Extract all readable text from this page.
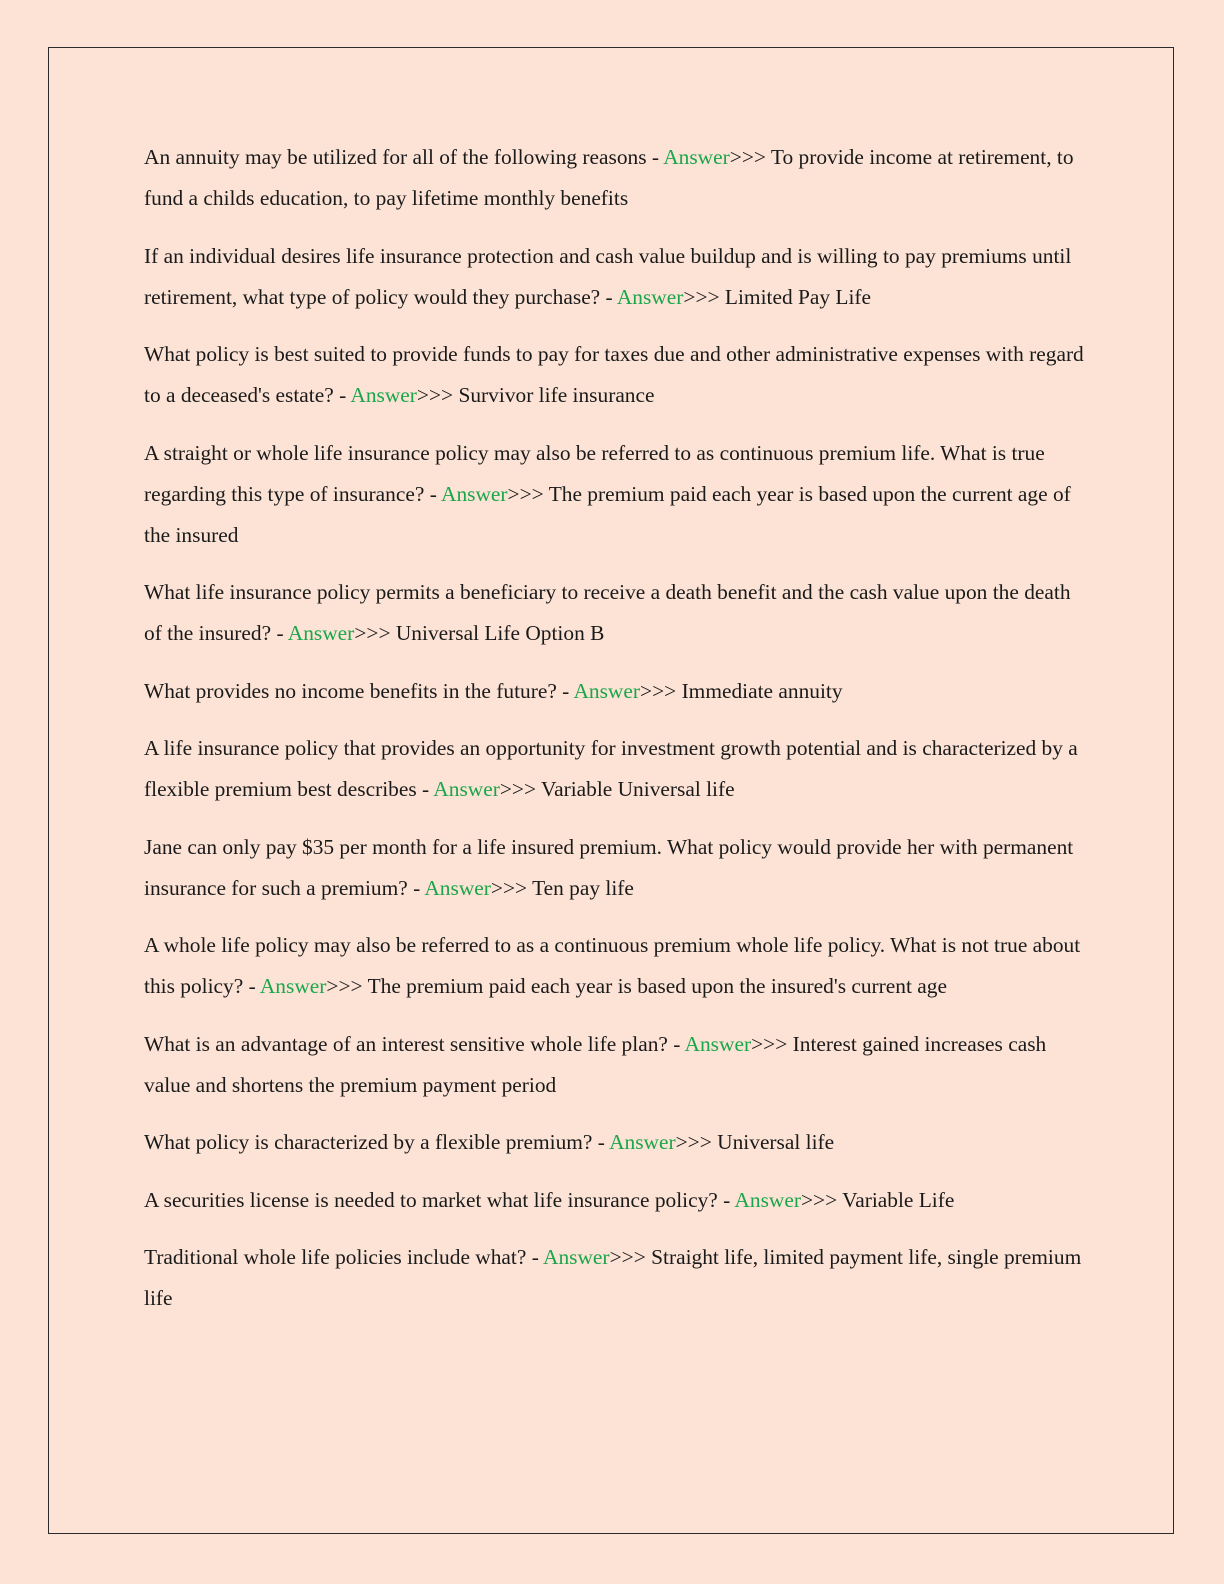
An annuity may be utilized for all of the following reasons - Answer>>> To provide income at retirement, to fund a childs education, to pay lifetime monthly benefits

If an individual desires life insurance protection and cash value buildup and is willing to pay premiums until retirement, what type of policy would they purchase? - Answer>>> Limited Pay Life

What policy is best suited to provide funds to pay for taxes due and other administrative expenses with regard to a deceased's estate? - Answer>>> Survivor life insurance

A straight or whole life insurance policy may also be referred to as continuous premium life. What is true regarding this type of insurance? - Answer>>> The premium paid each year is based upon the current age of the insured

What life insurance policy permits a beneficiary to receive a death benefit and the cash value upon the death of the insured? - Answer>>> Universal Life Option B

What provides no income benefits in the future? - Answer>>> Immediate annuity

A life insurance policy that provides an opportunity for investment growth potential and is characterized by a flexible premium best describes - Answer>>> Variable Universal life

Jane can only pay $35 per month for a life insured premium. What policy would provide her with permanent insurance for such a premium? - Answer>>> Ten pay life

A whole life policy may also be referred to as a continuous premium whole life policy. What is not true about this policy? - Answer>>> The premium paid each year is based upon the insured's current age

What is an advantage of an interest sensitive whole life plan? - Answer>>> Interest gained increases cash value and shortens the premium payment period

What policy is characterized by a flexible premium? - Answer>>> Universal life

A securities license is needed to market what life insurance policy? - Answer>>> Variable Life

Traditional whole life policies include what? - Answer>>> Straight life, limited payment life, single premium life
